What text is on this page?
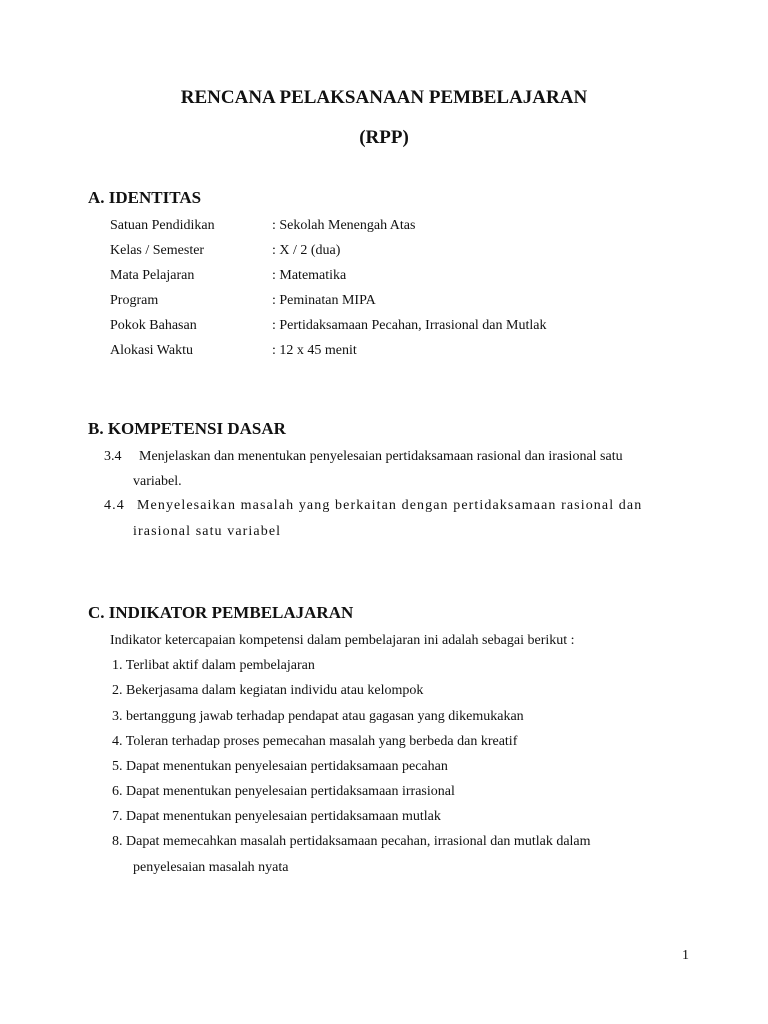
RENCANA PELAKSANAAN PEMBELAJARAN
(RPP)
A. IDENTITAS
Satuan Pendidikan	: Sekolah Menengah Atas
Kelas / Semester	: X / 2 (dua)
Mata Pelajaran	: Matematika
Program	: Peminatan MIPA
Pokok Bahasan	: Pertidaksamaan Pecahan, Irrasional dan Mutlak
Alokasi Waktu	: 12 x 45 menit
B. KOMPETENSI DASAR
3.4 Menjelaskan dan menentukan penyelesaian pertidaksamaan rasional dan irasional satu
variabel.
4.4 Menyelesaikan masalah yang berkaitan dengan pertidaksamaan rasional dan
irasional satu variabel
C. INDIKATOR PEMBELAJARAN
Indikator ketercapaian kompetensi dalam pembelajaran ini adalah sebagai berikut :
1. Terlibat aktif dalam pembelajaran
2. Bekerjasama dalam kegiatan individu atau kelompok
3. bertanggung jawab terhadap pendapat atau gagasan yang dikemukakan
4. Toleran terhadap proses pemecahan masalah yang berbeda dan kreatif
5. Dapat menentukan penyelesaian pertidaksamaan pecahan
6. Dapat menentukan penyelesaian pertidaksamaan irrasional
7. Dapat menentukan penyelesaian pertidaksamaan mutlak
8. Dapat memecahkan masalah pertidaksamaan pecahan, irrasional dan mutlak dalam
penyelesaian masalah nyata
1
